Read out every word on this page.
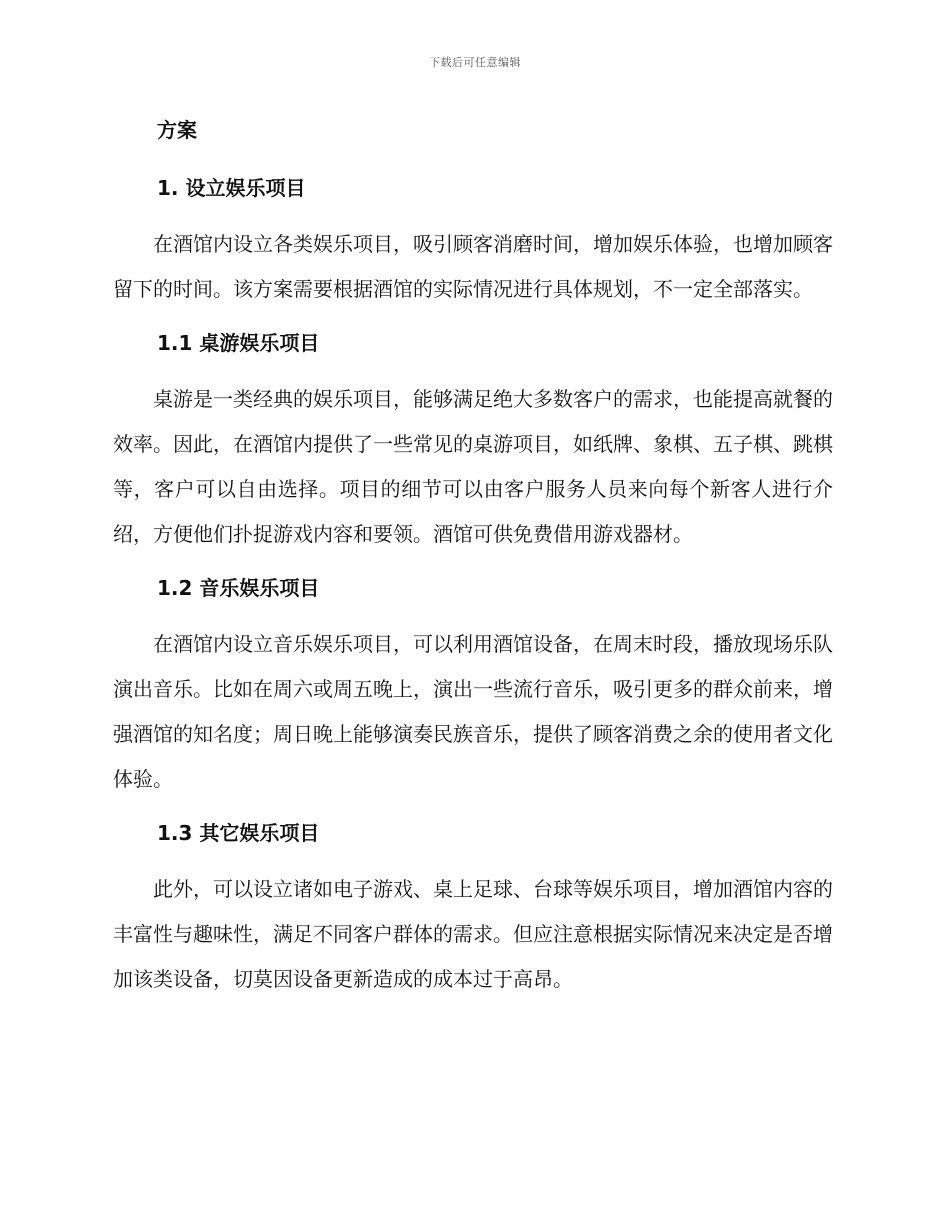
下载后可任意编辑
方案
1. 设立娱乐项目

在酒馆内设立各类娱乐项目，吸引顾客消磨时间，增加娱乐体验，也增加顾客留下的时间。该方案需要根据酒馆的实际情况进行具体规划，不一定全部落实。

1.1 桌游娱乐项目

桌游是一类经典的娱乐项目，能够满足绝大多数客户的需求，也能提高就餐的效率。因此，在酒馆内提供了一些常见的桌游项目，如纸牌、象棋、五子棋、跳棋等，客户可以自由选择。项目的细节可以由客户服务人员来向每个新客人进行介绍，方便他们扑捉游戏内容和要领。酒馆可供免费借用游戏器材。

1.2 音乐娱乐项目

在酒馆内设立音乐娱乐项目，可以利用酒馆设备，在周末时段，播放现场乐队演出音乐。比如在周六或周五晚上，演出一些流行音乐，吸引更多的群众前来，增强酒馆的知名度；周日晚上能够演奏民族音乐，提供了顾客消费之余的使用者文化体验。

1.3 其它娱乐项目

此外，可以设立诸如电子游戏、桌上足球、台球等娱乐项目，增加酒馆内容的丰富性与趣味性，满足不同客户群体的需求。但应注意根据实际情况来决定是否增加该类设备，切莫因设备更新造成的成本过于高昂。
